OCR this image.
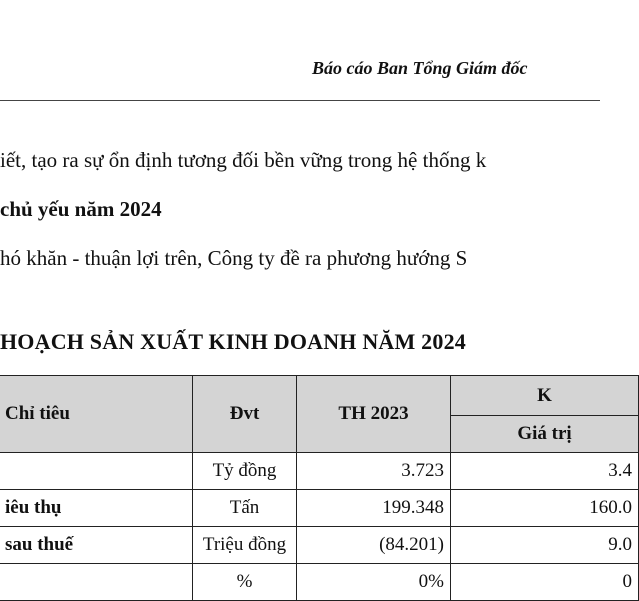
Báo cáo Ban Tổng Giám đốc
iết, tạo ra sự ổn định tương đối bền vững trong hệ thống k
chủ yếu năm 2024
hó khăn - thuận lợi trên, Công ty đề ra phương hướng S
HOẠCH SẢN XUẤT KINH DOANH NĂM 2024
Chỉ tiêu	Đvt	TH 2023	K
			Giá trị
	Tỷ đồng	3.723	3.4
iêu thụ	Tấn	199.348	160.0
sau thuế	Triệu đồng	(84.201)	9.0
	%	0%	0
